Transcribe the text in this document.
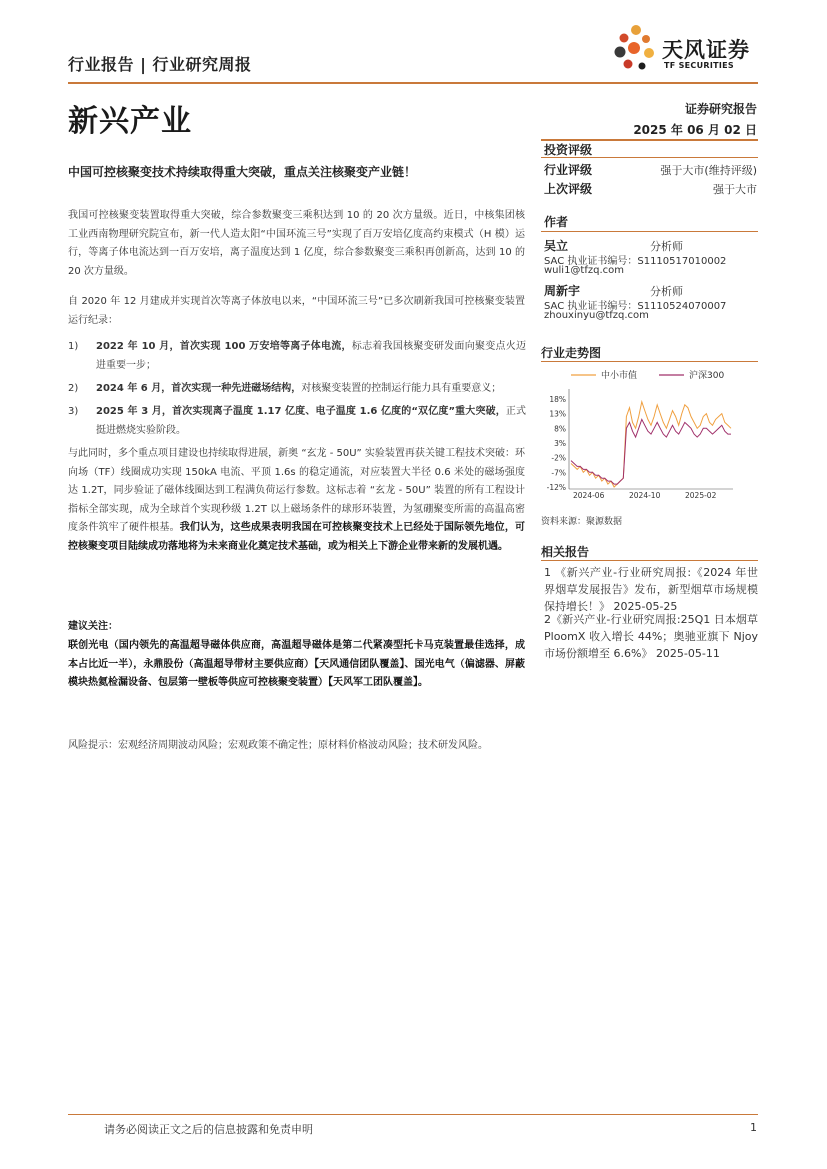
行业报告 | 行业研究周报
天风证券
TF SECURITIES
新兴产业	证券研究报告
2025 年 06 月 02 日
中国可控核聚变技术持续取得重大突破，重点关注核聚变产业链！
我国可控核聚变装置取得重大突破，综合参数聚变三乘积达到 10 的 20 次方量级。近日，中核集团核工业西南物理研究院宣布，新一代人造太阳“中国环流三号”实现了百万安培亿度高约束模式（H 模）运行，等离子体电流达到一百万安培，离子温度达到 1 亿度，综合参数聚变三乘积再创新高，达到 10 的 20 次方量级。
自 2020 年 12 月建成并实现首次等离子体放电以来，“中国环流三号”已多次刷新我国可控核聚变装置运行纪录：
1) 2022 年 10 月，首次实现 100 万安培等离子体电流，标志着我国核聚变研发面向聚变点火迈进重要一步；
2) 2024 年 6 月，首次实现一种先进磁场结构，对核聚变装置的控制运行能力具有重要意义；
3) 2025 年 3 月，首次实现离子温度 1.17 亿度、电子温度 1.6 亿度的“双亿度”重大突破，正式挺进燃烧实验阶段。
与此同时，多个重点项目建设也持续取得进展，新奥 “玄龙 - 50U” 实验装置再获关键工程技术突破：环向场（TF）线圈成功实现 150kA 电流、平顶 1.6s 的稳定通流，对应装置大半径 0.6 米处的磁场强度达 1.2T，同步验证了磁体线圈达到工程满负荷运行参数。这标志着 “玄龙 - 50U” 装置的所有工程设计指标全部实现，成为全球首个实现秒级 1.2T 以上磁场条件的球形环装置，为氢硼聚变所需的高温高密度条件筑牢了硬件根基。我们认为，这些成果表明我国在可控核聚变技术上已经处于国际领先地位，可控核聚变项目陆续成功落地将为未来商业化奠定技术基础，或为相关上下游企业带来新的发展机遇。
建议关注：
联创光电（国内领先的高温超导磁体供应商，高温超导磁体是第二代紧凑型托卡马克装置最佳选择，成本占比近一半），永鼎股份（高温超导带材主要供应商）【天风通信团队覆盖】、国光电气（偏滤器、屏蔽模块热氦检漏设备、包层第一壁板等供应可控核聚变装置）【天风军工团队覆盖】。
风险提示：宏观经济周期波动风险；宏观政策不确定性；原材料价格波动风险；技术研发风险。
投资评级
行业评级	强于大市(维持评级)
上次评级	强于大市
作者
吴立	分析师
SAC 执业证书编号：S1110517010002
wuli1@tfzq.com
周新宇	分析师
SAC 执业证书编号：S1110524070007
zhouxinyu@tfzq.com
行业走势图
中小市值	沪深300
18%
13%
8%
3%
-2%
-7%
-12%
2024-06	2024-10	2025-02
资料来源：聚源数据
相关报告
1 《新兴产业-行业研究周报:《2024 年世界烟草发展报告》发布，新型烟草市场规模保持增长！》 2025-05-25
2《新兴产业-行业研究周报:25Q1 日本烟草 PloomX 收入增长 44%；奥驰亚旗下 Njoy 市场份额增至 6.6%》 2025-05-11
请务必阅读正文之后的信息披露和免责申明	1
